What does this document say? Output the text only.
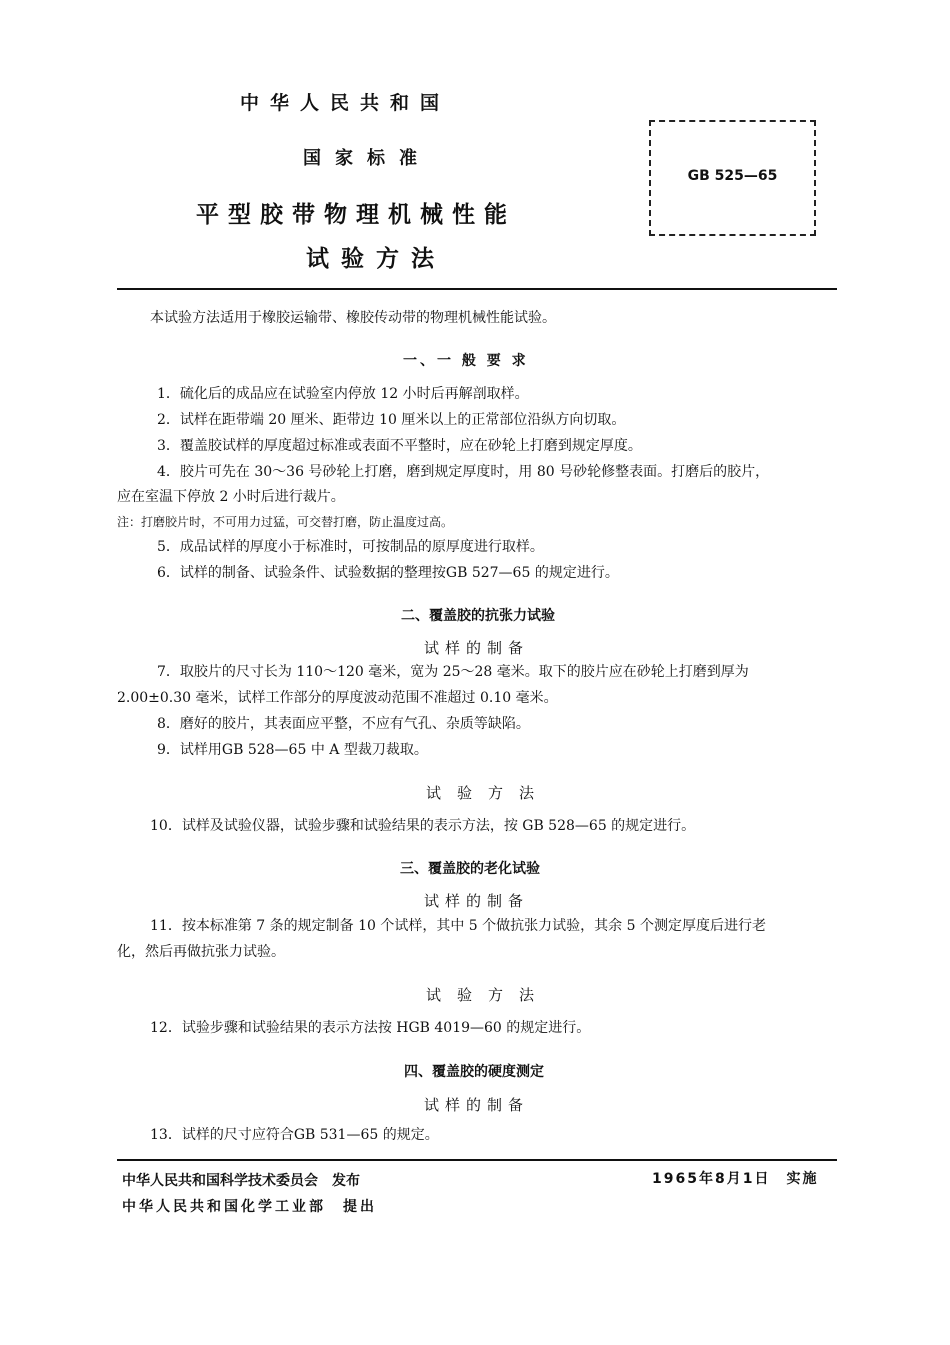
中华人民共和国
国家标准
平型胶带物理机械性能
试验方法
GB 525—65
本试验方法适用于橡胶运输带、橡胶传动带的物理机械性能试验。
一、一 般 要 求
1．硫化后的成品应在试验室内停放 12 小时后再解剖取样。
2．试样在距带端 20 厘米、距带边 10 厘米以上的正常部位沿纵方向切取。
3．覆盖胶试样的厚度超过标准或表面不平整时，应在砂轮上打磨到规定厚度。
4．胶片可先在 30～36 号砂轮上打磨，磨到规定厚度时，用 80 号砂轮修整表面。打磨后的胶片，
应在室温下停放 2 小时后进行裁片。
注：打磨胶片时，不可用力过猛，可交替打磨，防止温度过高。
5．成品试样的厚度小于标准时，可按制品的原厚度进行取样。
6．试样的制备、试验条件、试验数据的整理按GB 527—65 的规定进行。
二、覆盖胶的抗张力试验
试样的制备
7．取胶片的尺寸长为 110～120 毫米，宽为 25～28 毫米。取下的胶片应在砂轮上打磨到厚为
2.00±0.30 毫米，试样工作部分的厚度波动范围不准超过 0.10 毫米。
8．磨好的胶片，其表面应平整，不应有气孔、杂质等缺陷。
9．试样用GB 528—65 中 A 型裁刀裁取。
试验方法
10．试样及试验仪器，试验步骤和试验结果的表示方法，按 GB 528—65 的规定进行。
三、覆盖胶的老化试验
试样的制备
11．按本标准第 7 条的规定制备 10 个试样，其中 5 个做抗张力试验，其余 5 个测定厚度后进行老
化，然后再做抗张力试验。
试验方法
12．试验步骤和试验结果的表示方法按 HGB 4019—60 的规定进行。
四、覆盖胶的硬度测定
试样的制备
13．试样的尺寸应符合GB 531—65 的规定。
中华人民共和国科学技术委员会　发布
中华人民共和国化学工业部　提出
1965年8月1日　实施
